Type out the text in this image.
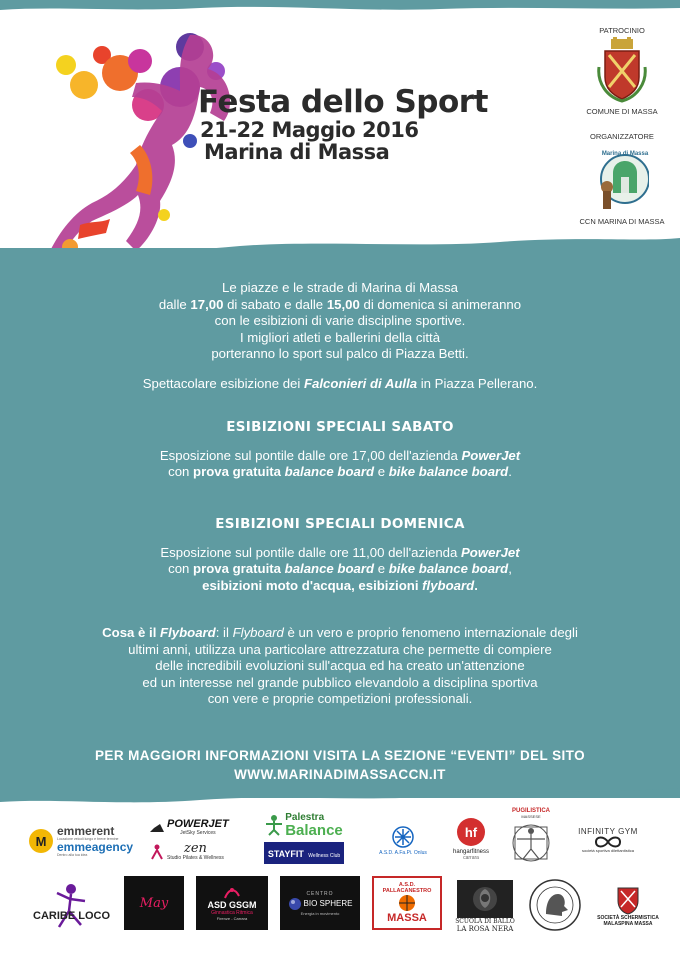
Festa dello Sport
21-22 Maggio 2016
Marina di Massa
PATROCINIO
COMUNE DI MASSA
ORGANIZZATORE
Marina di Massa
CCN MARINA DI MASSA

Le piazze e le strade di Marina di Massa

dalle 17,00 di sabato e dalle 15,00 di domenica si animeranno

con le esibizioni di varie discipline sportive.

I migliori atleti e ballerini della città

porteranno lo sport sul palco di Piazza Betti.

Spettacolare esibizione dei Falconieri di Aulla in Piazza Pellerano.

ESIBIZIONI SPECIALI SABATO

Esposizione sul pontile dalle ore 17,00 dell'azienda PowerJet

con prova gratuita balance board e bike balance board.

ESIBIZIONI SPECIALI DOMENICA

Esposizione sul pontile dalle ore 11,00 dell'azienda PowerJet

con prova gratuita balance board e bike balance board,

esibizioni moto d'acqua, esibizioni flyboard.

Cosa è il Flyboard: il Flyboard è un vero e proprio fenomeno internazionale degli

ultimi anni, utilizza una particolare attrezzatura che permette di compiere

delle incredibili evoluzioni sull'acqua ed ha creato un'attenzione

ed un interesse nel grande pubblico elevandolo a disciplina sportiva

con vere e proprie competizioni professionali.

PER MAGGIORI INFORMAZIONI VISITA LA SEZIONE “EVENTI” DEL SITO

WWW.MARINADIMASSACCN.IT

M
emmerent
Locazione veicoli lungo e breve termine
emmeagency
Dentro alla tua idea
POWERJET
JetSky Services
zen
Studio Pilates & Wellness
Palestra
Balance
STAYFIT Wellness Club	A.S.D. A.Fa.Pi. Onlus
hf
hangarfitness
carrara
PUGILISTICA
MASSESE
INFINITY GYM
società sportiva dilettantistica
CARIBE LOCO
May	ASD GSGM
Ginnastica Ritmica
Firenze - Carrara
CENTRO
BIO SPHERE
Energia in movimento
A.S.D. PALLACANESTRO
MASSA	SCUOLA DI BALLO
LA ROSA NERA
SOCIETÀ SCHERMISTICA
MALASPINA MASSA
